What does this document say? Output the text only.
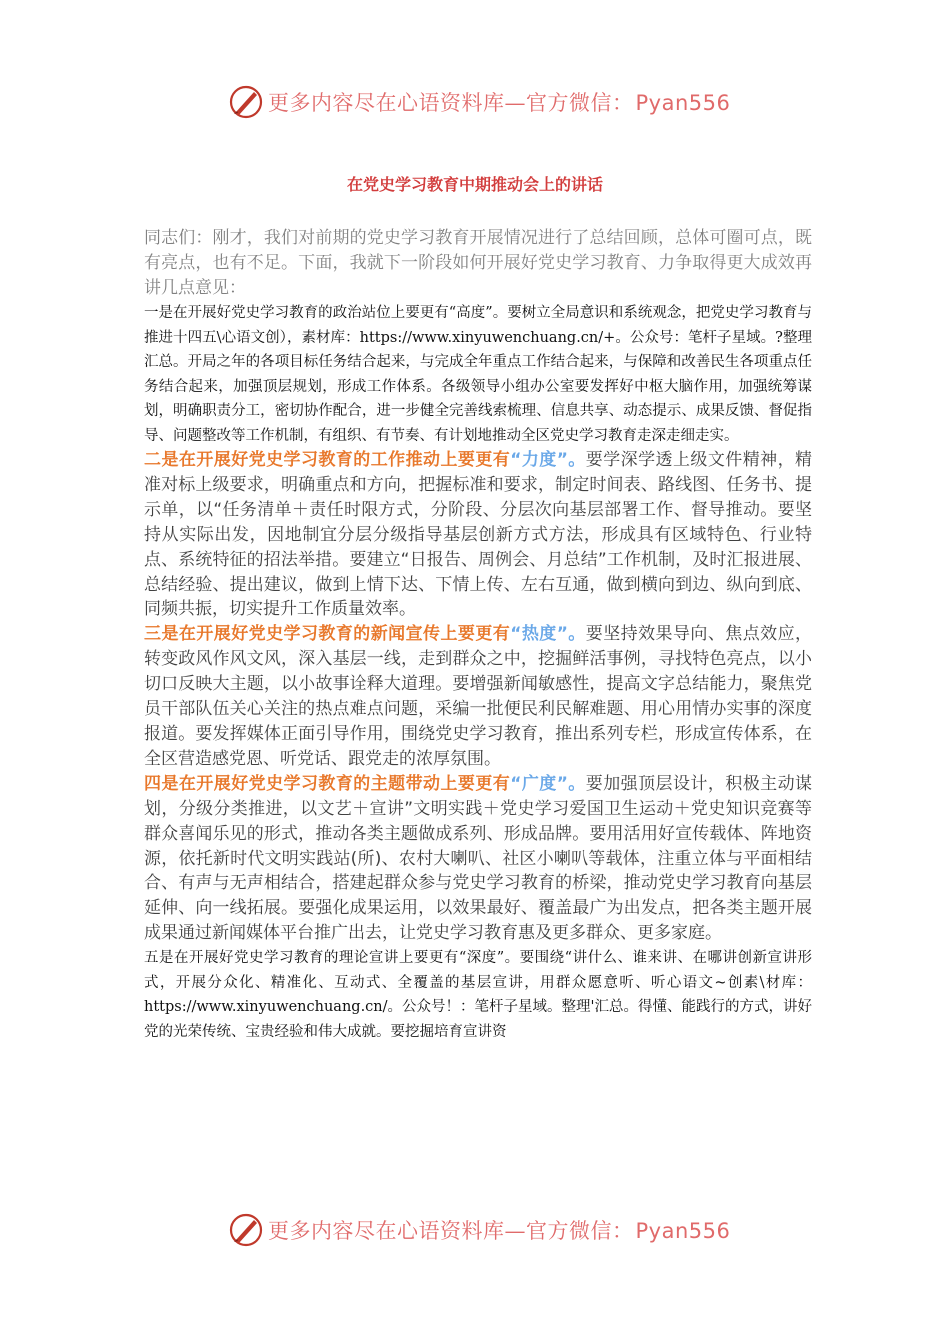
更多内容尽在心语资料库—官方微信：Pyan556
在党史学习教育中期推动会上的讲话

同志们：刚才，我们对前期的党史学习教育开展情况进行了总结回顾，总体可圈可点，既有亮点，也有不足。下面，我就下一阶段如何开展好党史学习教育、力争取得更大成效再讲几点意见：

一是在开展好党史学习教育的政治站位上要更有“高度”。要树立全局意识和系统观念，把党史学习教育与推进十四五\心语文创），素材库：https://www.xinyuwenchuang.cn/+。公众号：笔杆子星域。?整理汇总。开局之年的各项目标任务结合起来，与完成全年重点工作结合起来，与保障和改善民生各项重点任务结合起来，加强顶层规划，形成工作体系。各级领导小组办公室要发挥好中枢大脑作用，加强统筹谋划，明确职责分工，密切协作配合，进一步健全完善线索梳理、信息共享、动态提示、成果反馈、督促指导、问题整改等工作机制，有组织、有节奏、有计划地推动全区党史学习教育走深走细走实。

二是在开展好党史学习教育的工作推动上要更有“力度”。要学深学透上级文件精神，精准对标上级要求，明确重点和方向，把握标准和要求，制定时间表、路线图、任务书、提示单，以“任务清单＋责任时限方式，分阶段、分层次向基层部署工作、督导推动。要坚持从实际出发，因地制宜分层分级指导基层创新方式方法，形成具有区域特色、行业特点、系统特征的招法举措。要建立“日报告、周例会、月总结”工作机制，及时汇报进展、总结经验、提出建议，做到上情下达、下情上传、左右互通，做到横向到边、纵向到底、同频共振，切实提升工作质量效率。

三是在开展好党史学习教育的新闻宣传上要更有“热度”。要坚持效果导向、焦点效应，转变政风作风文风，深入基层一线，走到群众之中，挖掘鲜活事例，寻找特色亮点，以小切口反映大主题，以小故事诠释大道理。要增强新闻敏感性，提高文字总结能力，聚焦党员干部队伍关心关注的热点难点问题，采编一批便民利民解难题、用心用情办实事的深度报道。要发挥媒体正面引导作用，围绕党史学习教育，推出系列专栏，形成宣传体系，在全区营造感党恩、听党话、跟党走的浓厚氛围。

四是在开展好党史学习教育的主题带动上要更有“广度”。要加强顶层设计，积极主动谋划，分级分类推进，以文艺＋宣讲”文明实践＋党史学习爱国卫生运动＋党史知识竞赛等群众喜闻乐见的形式，推动各类主题做成系列、形成品牌。要用活用好宣传载体、阵地资源，依托新时代文明实践站(所)、农村大喇叭、社区小喇叭等载体，注重立体与平面相结合、有声与无声相结合，搭建起群众参与党史学习教育的桥梁，推动党史学习教育向基层延伸、向一线拓展。要强化成果运用，以效果最好、覆盖最广为出发点，把各类主题开展成果通过新闻媒体平台推广出去，让党史学习教育惠及更多群众、更多家庭。

五是在开展好党史学习教育的理论宣讲上要更有“深度”。要围绕“讲什么、谁来讲、在哪讲创新宣讲形式，开展分众化、精准化、互动式、全覆盖的基层宣讲，用群众愿意听、听心语文~创素\材库：https://www.xinyuwenchuang.cn/。公众号！：笔杆子星域。整理'汇总。得懂、能践行的方式，讲好党的光荣传统、宝贵经验和伟大成就。要挖掘培育宣讲资

更多内容尽在心语资料库—官方微信：Pyan556
